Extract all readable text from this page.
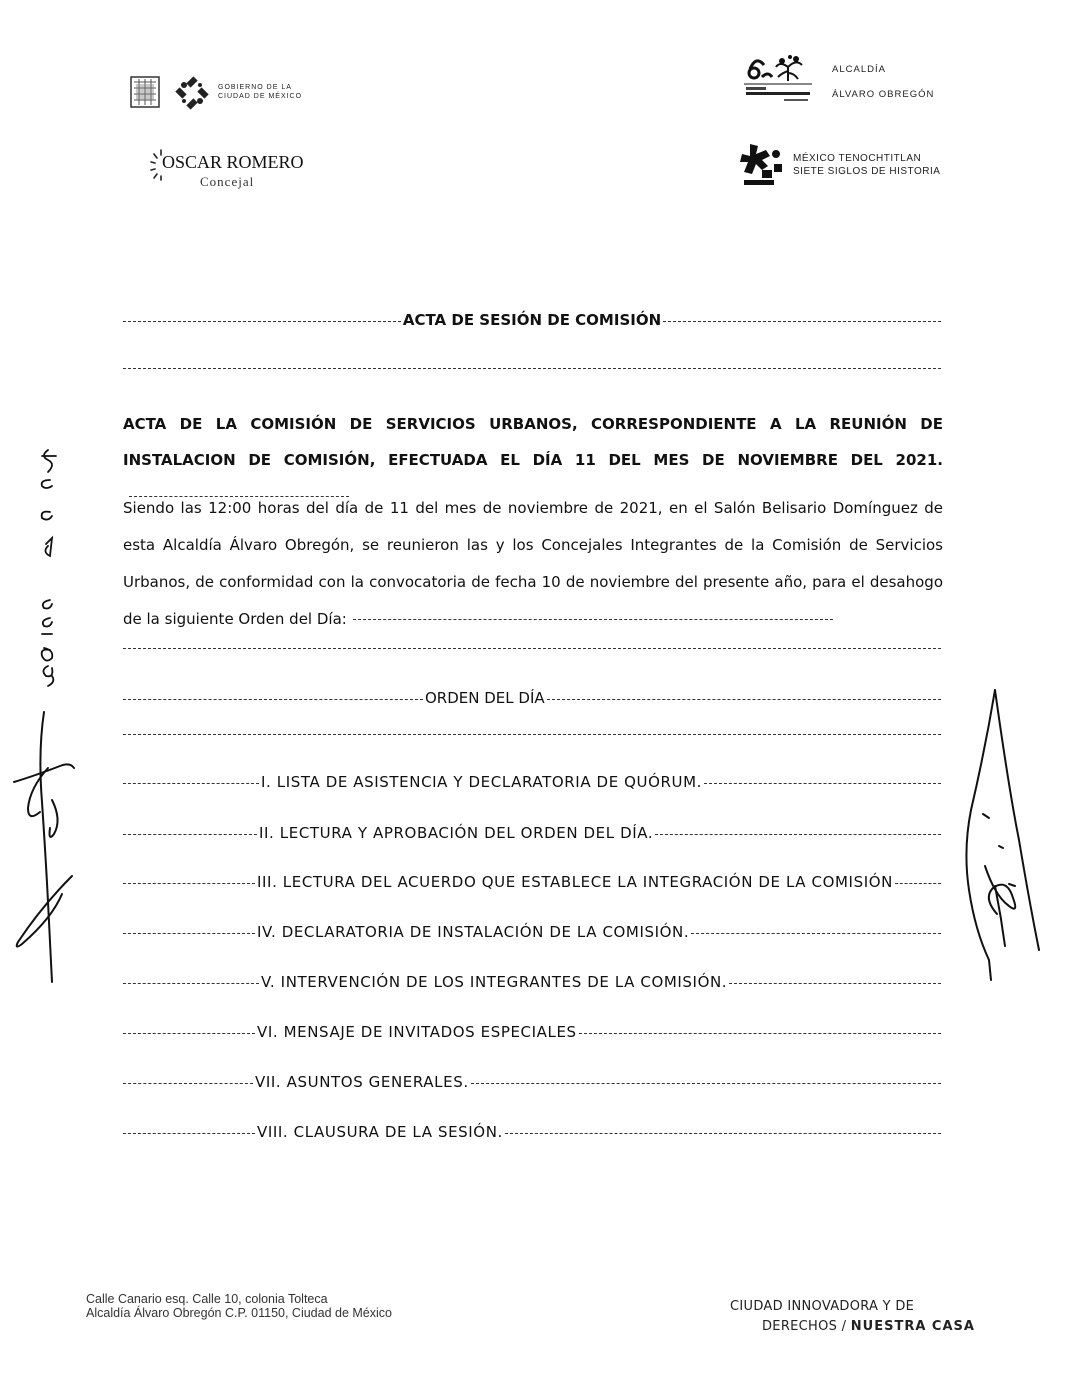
GOBIERNO DE LA
CIUDAD DE MÉXICO
OSCAR ROMERO
Concejal
ALCALDÍA
ÁLVARO OBREGÓN
MÉXICO TENOCHTITLAN
SIETE SIGLOS DE HISTORIA
ACTA DE SESIÓN DE COMISIÓN
ACTA DE LA COMISIÓN DE SERVICIOS URBANOS, CORRESPONDIENTE A LA REUNIÓN DE INSTALACION DE COMISIÓN, EFECTUADA EL DÍA 11 DEL MES DE NOVIEMBRE DEL 2021.
Siendo las 12:00 horas del día de 11 del mes de noviembre de 2021, en el Salón Belisario Domínguez de esta Alcaldía Álvaro Obregón, se reunieron las y los Concejales Integrantes de la Comisión de Servicios Urbanos, de conformidad con la convocatoria de fecha 10 de noviembre del presente año, para el desahogo de la siguiente Orden del Día:
ORDEN DEL DÍA
I. LISTA DE ASISTENCIA Y DECLARATORIA DE QUÓRUM.
II. LECTURA Y APROBACIÓN DEL ORDEN DEL DÍA.
III. LECTURA DEL ACUERDO QUE ESTABLECE LA INTEGRACIÓN DE LA COMISIÓN
IV. DECLARATORIA DE INSTALACIÓN DE LA COMISIÓN.
V. INTERVENCIÓN DE LOS INTEGRANTES DE LA COMISIÓN.
VI. MENSAJE DE INVITADOS ESPECIALES
VII. ASUNTOS GENERALES.
VIII. CLAUSURA DE LA SESIÓN.
Calle Canario esq. Calle 10, colonia Tolteca
Alcaldía Álvaro Obregón C.P. 01150, Ciudad de México	CIUDAD INNOVADORA Y DE
DERECHOS / NUESTRA CASA
